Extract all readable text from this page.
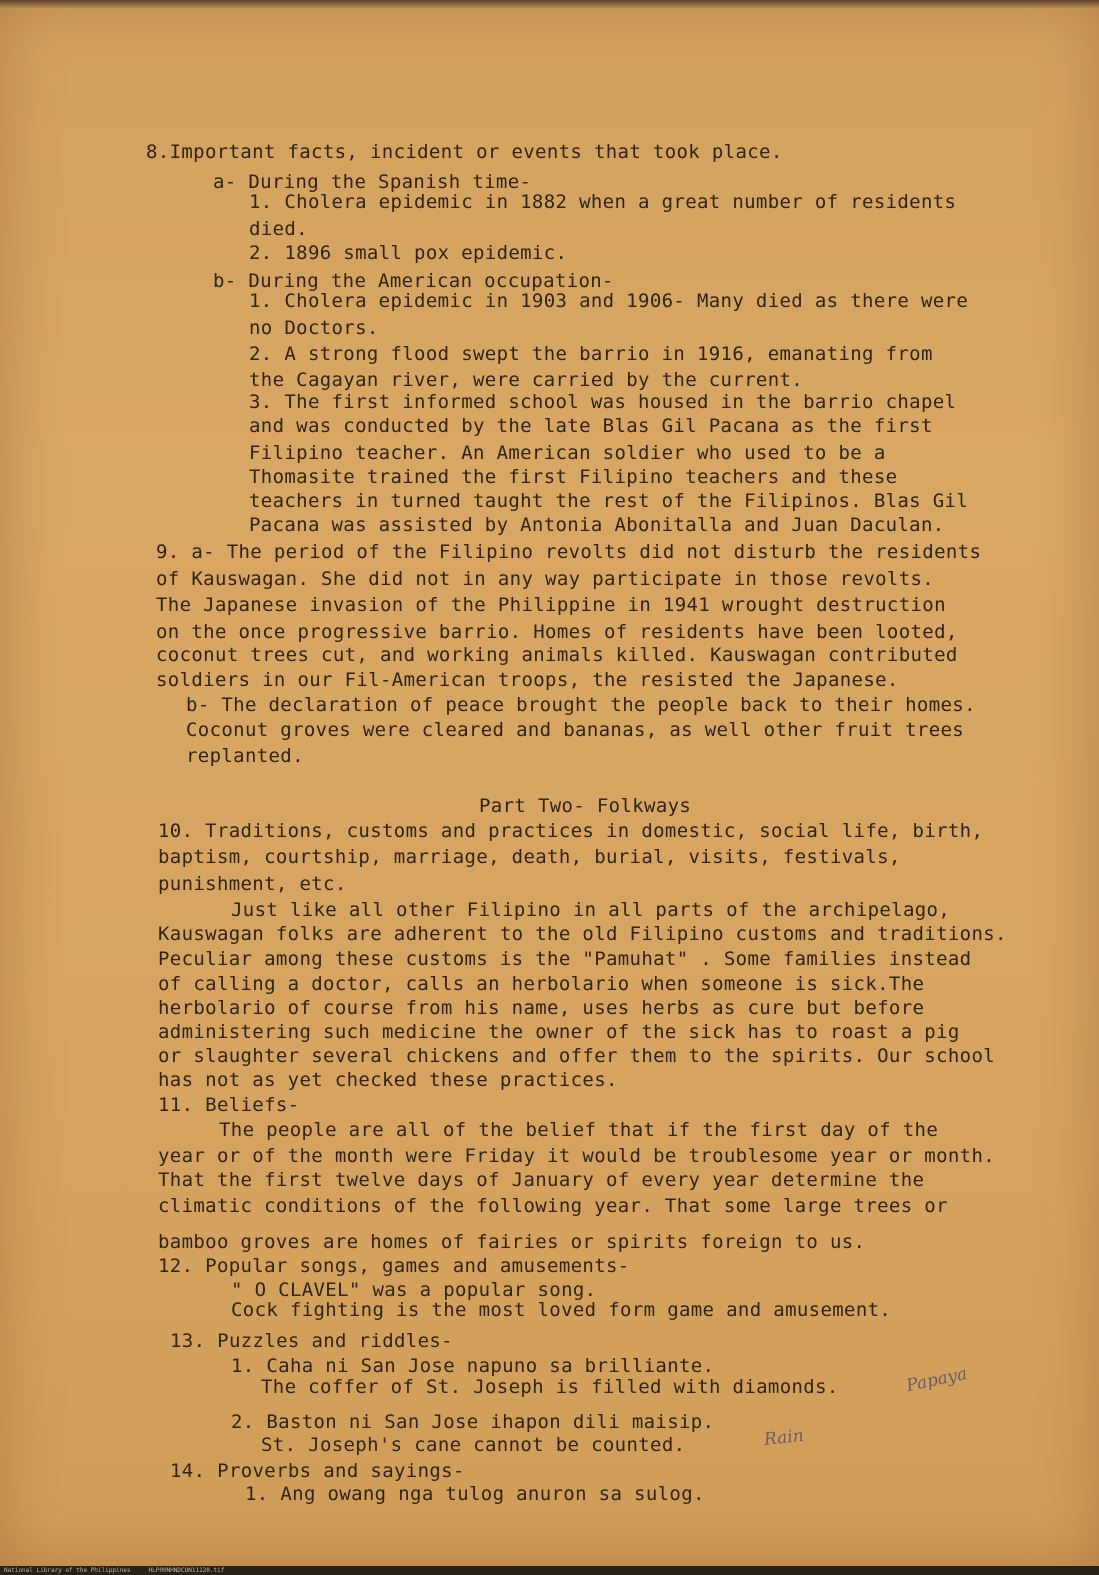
8.Important facts, incident or events that took place.
a- During the Spanish time-
1. Cholera epidemic in 1882 when a great number of residents
died.
2. 1896 small pox epidemic.
b- During the American occupation-
1. Cholera epidemic in 1903 and 1906- Many died as there were
no Doctors.
2. A strong flood swept the barrio in 1916, emanating from
the Cagayan river, were carried by the current.
3. The first informed school was housed in the barrio chapel
and was conducted by the late Blas Gil Pacana as the first
Filipino teacher. An American soldier who used to be a
Thomasite trained the first Filipino teachers and these
teachers in turned taught the rest of the Filipinos. Blas Gil
Pacana was assisted by Antonia Abonitalla and Juan Daculan.
9. a- The period of the Filipino revolts did not disturb the residents
of Kauswagan. She did not in any way participate in those revolts.
The Japanese invasion of the Philippine in 1941 wrought destruction
on the once progressive barrio. Homes of residents have been looted,
coconut trees cut, and working animals killed. Kauswagan contributed
soldiers in our Fil-American troops, the resisted the Japanese.
b- The declaration of peace brought the people back to their homes.
Coconut groves were cleared and bananas, as well other fruit trees
replanted.
Part Two- Folkways
10. Traditions, customs and practices in domestic, social life, birth,
baptism, courtship, marriage, death, burial, visits, festivals,
punishment, etc.
Just like all other Filipino in all parts of the archipelago,
Kauswagan folks are adherent to the old Filipino customs and traditions.
Peculiar among these customs is the "Pamuhat" . Some families instead
of calling a doctor, calls an herbolario when someone is sick.The
herbolario of course from his name, uses herbs as cure but before
administering such medicine the owner of the sick has to roast a pig
or slaughter several chickens and offer them to the spirits. Our school
has not as yet checked these practices.
11. Beliefs-
The people are all of the belief that if the first day of the
year or of the month were Friday it would be troublesome year or month.
That the first twelve days of January of every year determine the
climatic conditions of the following year. That some large trees or
bamboo groves are homes of fairies or spirits foreign to us.
12. Popular songs, games and amusements-
" O CLAVEL" was a popular song.
Cock fighting is the most loved form game and amusement.
13. Puzzles and riddles-
1. Caha ni San Jose napuno sa brilliante.
The coffer of St. Joseph is filled with diamonds.
2. Baston ni San Jose ihapon dili maisip.
St. Joseph's cane cannot be counted.
14. Proverbs and sayings-
1. Ang owang nga tulog anuron sa sulog.
Papaya
Rain
National Library of the Philippines     HLP00NHNDCON11120.tif
